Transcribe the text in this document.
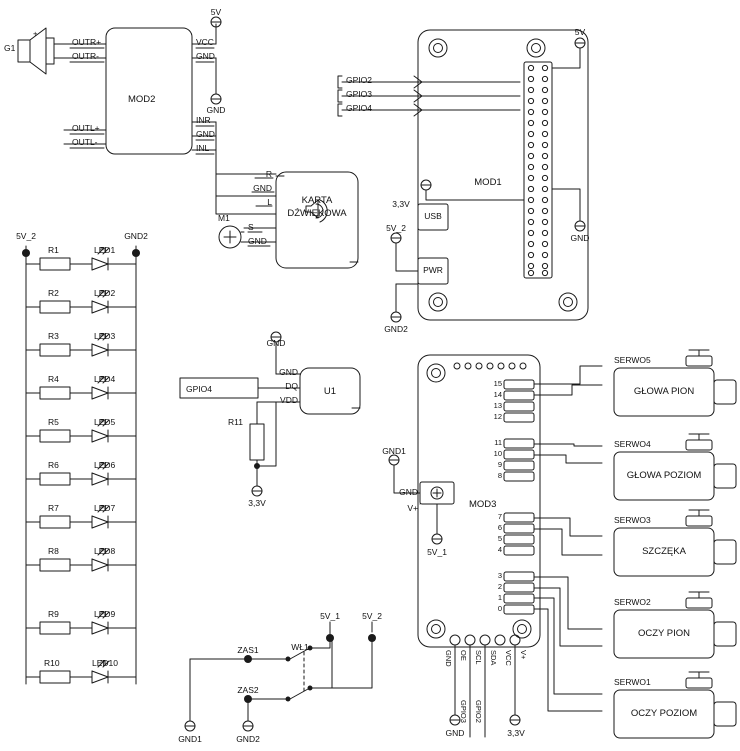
G1
+
MOD2
OUTR+
OUTR-
OUTL+
OUTL-
VCC
GND
INR
GND
INL
5V
GND
KARTA
DŹWIĘKOWA
R
GND
L
S
GND
M1
MOD1
GPIO2
GPIO3
GPIO4
5V
3,3V
GND
5V_2
GND2
USB
PWR
5V_2	GND2
R1	LED1
R2	LED2
R3	LED3
R4	LED4
R5	LED5
R6	LED6
R7	LED7
R8	LED8
R9	LED9
R10	LED10
U1
GND
DQ
VDD
GPIO4
R11
GND
3,3V	MOD3
15
14
13
12
11
10
9
8
7
6
5
4
3
2
1
0
GND
V+
GND1
5V_1
GND OE SCL SDA VCC V+
GND
GPIO3 GPIO2
3,3V
SERWO5
GŁOWA PION
SERWO4
GŁOWA POZIOM
SERWO3
SZCZĘKA
SERWO2
OCZY PION
SERWO1
OCZY POZIOM
ZAS1
ZAS2
WŁ1
5V_1	5V_2
GND1	GND2
